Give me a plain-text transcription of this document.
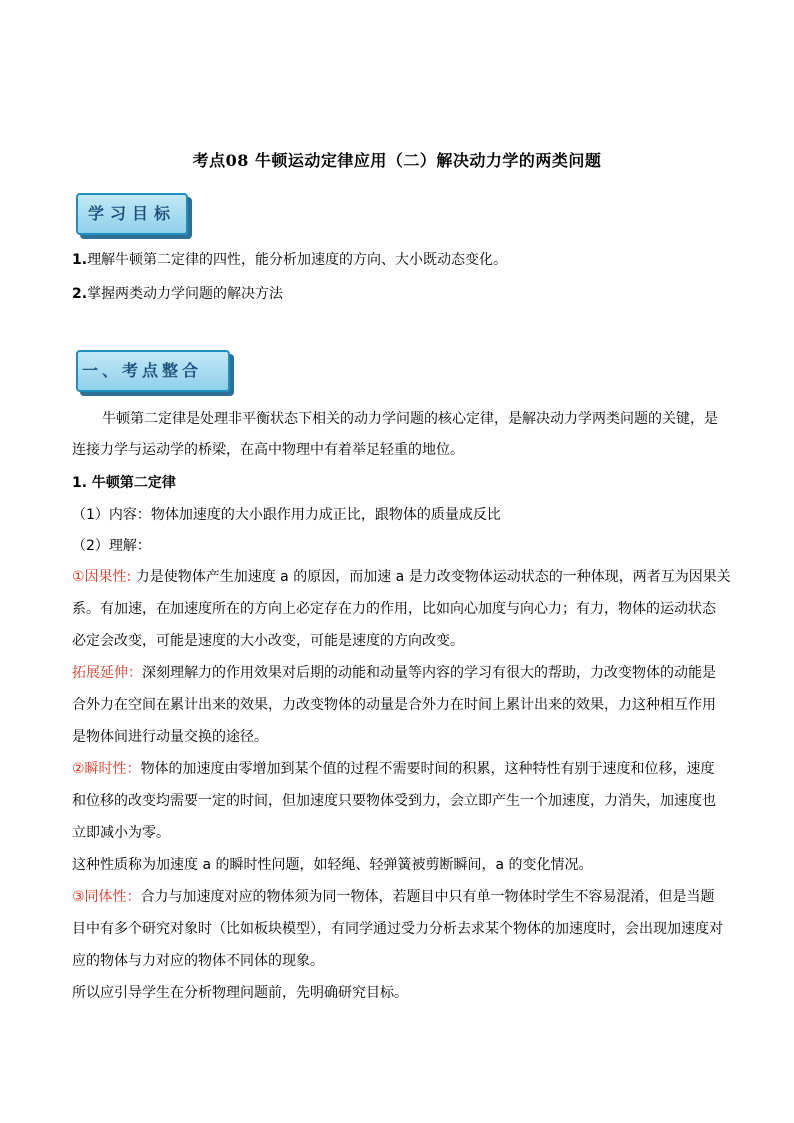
考点08 牛顿运动定律应用（二）解决动力学的两类问题
学习目标
1.理解牛顿第二定律的四性，能分析加速度的方向、大小既动态变化。
2.掌握两类动力学问题的解决方法
一、考点整合
牛顿第二定律是处理非平衡状态下相关的动力学问题的核心定律，是解决动力学两类问题的关键，是
连接力学与运动学的桥梁，在高中物理中有着举足轻重的地位。
1. 牛顿第二定律
（1）内容：物体加速度的大小跟作用力成正比，跟物体的质量成反比
（2）理解：
①因果性: 力是使物体产生加速度 a 的原因，而加速 a 是力改变物体运动状态的一种体现，两者互为因果关
系。有加速，在加速度所在的方向上必定存在力的作用，比如向心加度与向心力；有力，物体的运动状态
必定会改变，可能是速度的大小改变，可能是速度的方向改变。
拓展延伸：深刻理解力的作用效果对后期的动能和动量等内容的学习有很大的帮助，力改变物体的动能是
合外力在空间在累计出来的效果，力改变物体的动量是合外力在时间上累计出来的效果，力这种相互作用
是物体间进行动量交换的途径。
②瞬时性：物体的加速度由零增加到某个值的过程不需要时间的积累，这种特性有别于速度和位移，速度
和位移的改变均需要一定的时间，但加速度只要物体受到力，会立即产生一个加速度，力消失，加速度也
立即减小为零。
这种性质称为加速度 a 的瞬时性问题，如轻绳、轻弹簧被剪断瞬间，a 的变化情况。
③同体性：合力与加速度对应的物体须为同一物体，若题目中只有单一物体时学生不容易混淆，但是当题
目中有多个研究对象时（比如板块模型），有同学通过受力分析去求某个物体的加速度时，会出现加速度对
应的物体与力对应的物体不同体的现象。
所以应引导学生在分析物理问题前，先明确研究目标。
